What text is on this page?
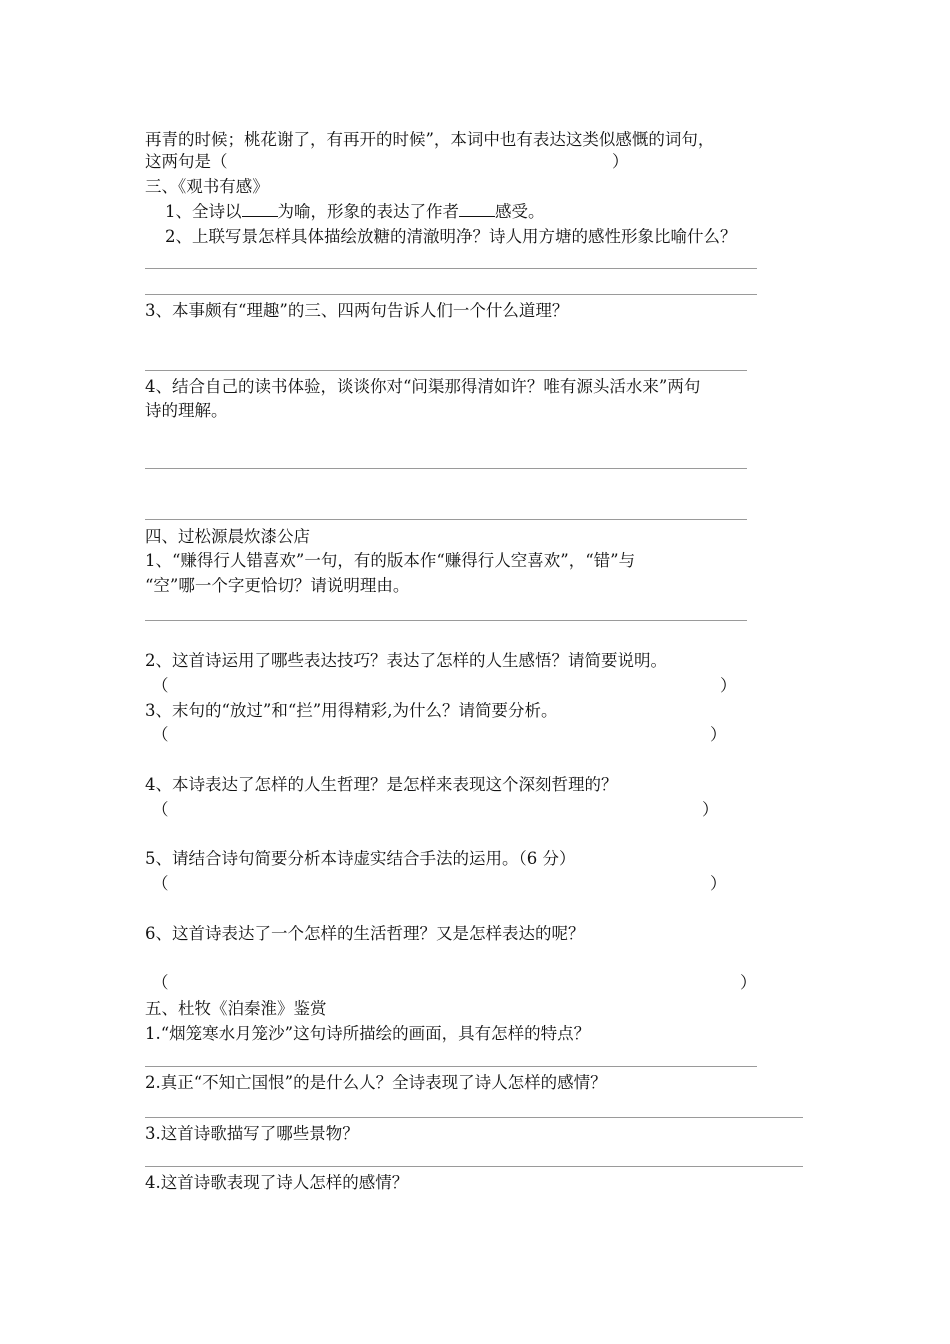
再青的时候；桃花谢了，有再开的时候”，本词中也有表达这类似感慨的词句，
这两句是（	）
三、《观书有感》
1、全诗以 为喻，形象的表达了作者 感受。
2、上联写景怎样具体描绘放糖的清澈明净？诗人用方塘的感性形象比喻什么？
3、本事颇有“理趣”的三、四两句告诉人们一个什么道理？
4、结合自己的读书体验，谈谈你对“问渠那得清如许？唯有源头活水来”两句
诗的理解。
四、过松源晨炊漆公店
1、“赚得行人错喜欢”一句，有的版本作“赚得行人空喜欢”，“错”与
“空”哪一个字更恰切？请说明理由。
2、这首诗运用了哪些表达技巧？表达了怎样的人生感悟？请简要说明。
（	）
3、末句的“放过”和“拦”用得精彩,为什么？请简要分析。
（	）
4、本诗表达了怎样的人生哲理？是怎样来表现这个深刻哲理的？
（	）
5、请结合诗句简要分析本诗虚实结合手法的运用。（6 分）
（	）
6、这首诗表达了一个怎样的生活哲理？又是怎样表达的呢？
（	）
五、杜牧《泊秦淮》鉴赏
1.“烟笼寒水月笼沙”这句诗所描绘的画面，具有怎样的特点？
2.真正“不知亡国恨”的是什么人？全诗表现了诗人怎样的感情？
3.这首诗歌描写了哪些景物？
4.这首诗歌表现了诗人怎样的感情？
